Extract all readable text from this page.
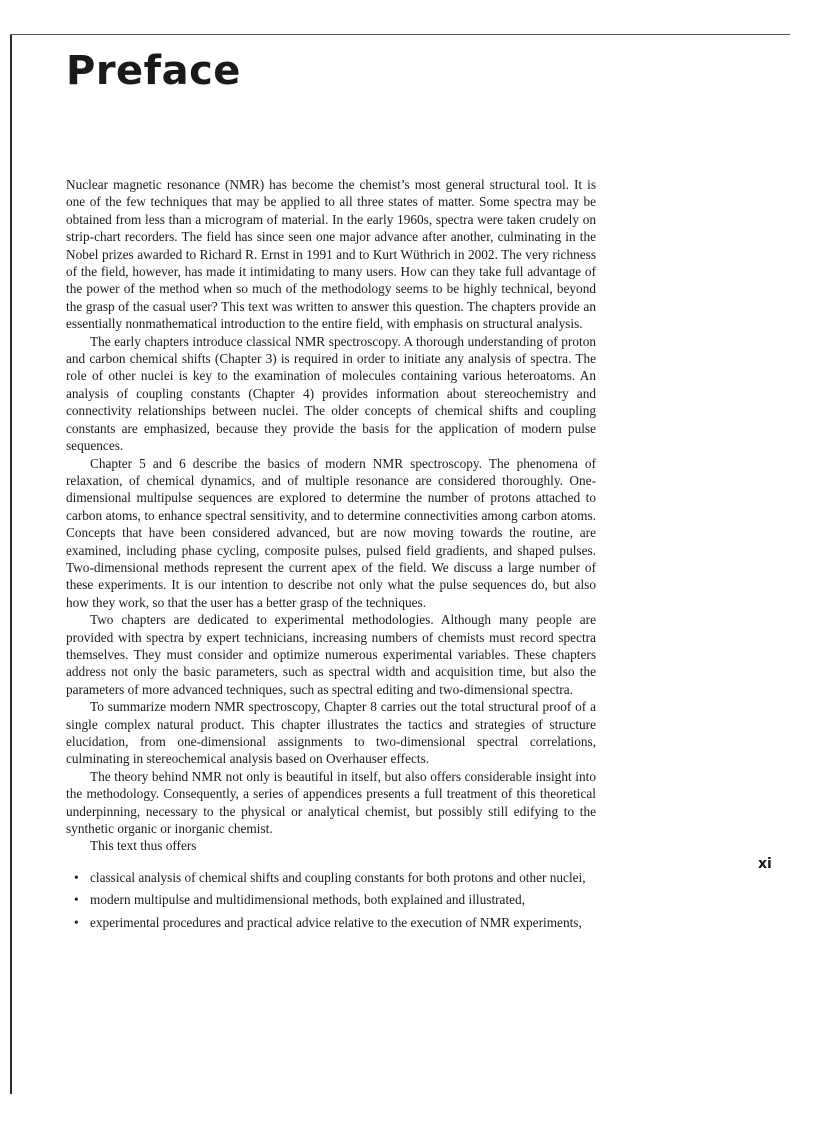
Preface

Nuclear magnetic resonance (NMR) has become the chemist’s most general structural tool. It is one of the few techniques that may be applied to all three states of matter. Some spectra may be obtained from less than a microgram of material. In the early 1960s, spectra were taken crudely on strip-chart recorders. The field has since seen one major advance after another, culminating in the Nobel prizes awarded to Richard R. Ernst in 1991 and to Kurt Wüthrich in 2002. The very richness of the field, however, has made it intimidating to many users. How can they take full advantage of the power of the method when so much of the methodology seems to be highly technical, beyond the grasp of the casual user? This text was written to answer this question. The chapters provide an essentially nonmathematical introduction to the entire field, with emphasis on structural analysis.

The early chapters introduce classical NMR spectroscopy. A thorough understanding of proton and carbon chemical shifts (Chapter 3) is required in order to initiate any analysis of spectra. The role of other nuclei is key to the examination of molecules containing various heteroatoms. An analysis of coupling constants (Chapter 4) provides information about stereochemistry and connectivity relationships between nuclei. The older concepts of chemical shifts and coupling constants are emphasized, because they provide the basis for the application of modern pulse sequences.

Chapter 5 and 6 describe the basics of modern NMR spectroscopy. The phenomena of relaxation, of chemical dynamics, and of multiple resonance are considered thoroughly. One-dimensional multipulse sequences are explored to determine the number of protons attached to carbon atoms, to enhance spectral sensitivity, and to determine connectivities among carbon atoms. Concepts that have been considered advanced, but are now moving towards the routine, are examined, including phase cycling, composite pulses, pulsed field gradients, and shaped pulses. Two-dimensional methods represent the current apex of the field. We discuss a large number of these experiments. It is our intention to describe not only what the pulse sequences do, but also how they work, so that the user has a better grasp of the techniques.

Two chapters are dedicated to experimental methodologies. Although many people are provided with spectra by expert technicians, increasing numbers of chemists must record spectra themselves. They must consider and optimize numerous experimental variables. These chapters address not only the basic parameters, such as spectral width and acquisition time, but also the parameters of more advanced techniques, such as spectral editing and two-dimensional spectra.

To summarize modern NMR spectroscopy, Chapter 8 carries out the total structural proof of a single complex natural product. This chapter illustrates the tactics and strategies of structure elucidation, from one-dimensional assignments to two-dimensional spectral correlations, culminating in stereochemical analysis based on Overhauser effects.

The theory behind NMR not only is beautiful in itself, but also offers considerable insight into the methodology. Consequently, a series of appendices presents a full treatment of this theoretical underpinning, necessary to the physical or analytical chemist, but possibly still edifying to the synthetic organic or inorganic chemist.

This text thus offers

• classical analysis of chemical shifts and coupling constants for both protons and other nuclei,
• modern multipulse and multidimensional methods, both explained and illustrated,
• experimental procedures and practical advice relative to the execution of NMR experiments,
xi
